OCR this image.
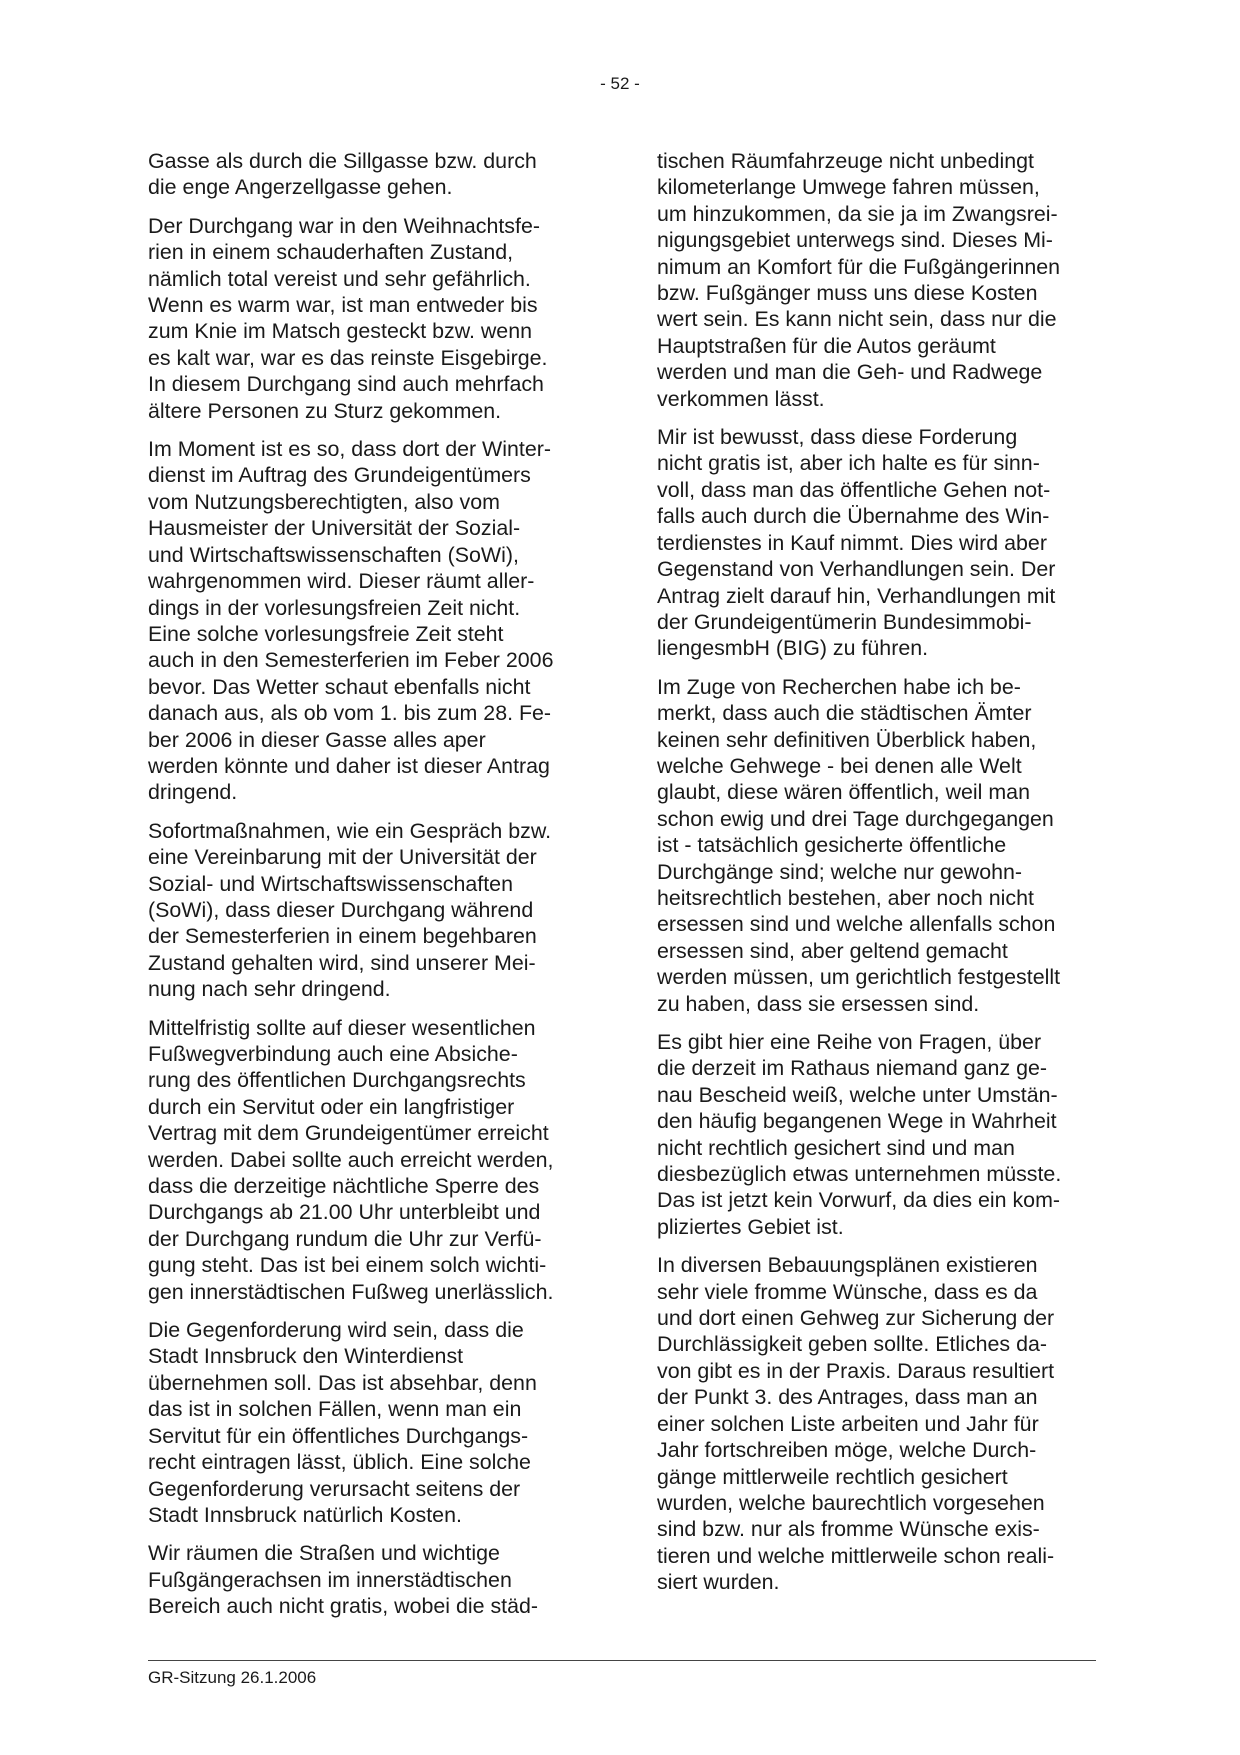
- 52 -

Gasse als durch die Sillgasse bzw. durch
die enge Angerzellgasse gehen.

Der Durchgang war in den Weihnachtsfe-
rien in einem schauderhaften Zustand,
nämlich total vereist und sehr gefährlich.
Wenn es warm war, ist man entweder bis
zum Knie im Matsch gesteckt bzw. wenn
es kalt war, war es das reinste Eisgebirge.
In diesem Durchgang sind auch mehrfach
ältere Personen zu Sturz gekommen.

Im Moment ist es so, dass dort der Winter-
dienst im Auftrag des Grundeigentümers
vom Nutzungsberechtigten, also vom
Hausmeister der Universität der Sozial-
und Wirtschaftswissenschaften (SoWi),
wahrgenommen wird. Dieser räumt aller-
dings in der vorlesungsfreien Zeit nicht.
Eine solche vorlesungsfreie Zeit steht
auch in den Semesterferien im Feber 2006
bevor. Das Wetter schaut ebenfalls nicht
danach aus, als ob vom 1. bis zum 28. Fe-
ber 2006 in dieser Gasse alles aper
werden könnte und daher ist dieser Antrag
dringend.

Sofortmaßnahmen, wie ein Gespräch bzw.
eine Vereinbarung mit der Universität der
Sozial- und Wirtschaftswissenschaften
(SoWi), dass dieser Durchgang während
der Semesterferien in einem begehbaren
Zustand gehalten wird, sind unserer Mei-
nung nach sehr dringend.

Mittelfristig sollte auf dieser wesentlichen
Fußwegverbindung auch eine Absiche-
rung des öffentlichen Durchgangsrechts
durch ein Servitut oder ein langfristiger
Vertrag mit dem Grundeigentümer erreicht
werden. Dabei sollte auch erreicht werden,
dass die derzeitige nächtliche Sperre des
Durchgangs ab 21.00 Uhr unterbleibt und
der Durchgang rundum die Uhr zur Verfü-
gung steht. Das ist bei einem solch wichti-
gen innerstädtischen Fußweg unerlässlich.

Die Gegenforderung wird sein, dass die
Stadt Innsbruck den Winterdienst
übernehmen soll. Das ist absehbar, denn
das ist in solchen Fällen, wenn man ein
Servitut für ein öffentliches Durchgangs-
recht eintragen lässt, üblich. Eine solche
Gegenforderung verursacht seitens der
Stadt Innsbruck natürlich Kosten.

Wir räumen die Straßen und wichtige
Fußgängerachsen im innerstädtischen
Bereich auch nicht gratis, wobei die städ-

tischen Räumfahrzeuge nicht unbedingt
kilometerlange Umwege fahren müssen,
um hinzukommen, da sie ja im Zwangsrei-
nigungsgebiet unterwegs sind. Dieses Mi-
nimum an Komfort für die Fußgängerinnen
bzw. Fußgänger muss uns diese Kosten
wert sein. Es kann nicht sein, dass nur die
Hauptstraßen für die Autos geräumt
werden und man die Geh- und Radwege
verkommen lässt.

Mir ist bewusst, dass diese Forderung
nicht gratis ist, aber ich halte es für sinn-
voll, dass man das öffentliche Gehen not-
falls auch durch die Übernahme des Win-
terdienstes in Kauf nimmt. Dies wird aber
Gegenstand von Verhandlungen sein. Der
Antrag zielt darauf hin, Verhandlungen mit
der Grundeigentümerin Bundesimmobi-
liengesmbH (BIG) zu führen.

Im Zuge von Recherchen habe ich be-
merkt, dass auch die städtischen Ämter
keinen sehr definitiven Überblick haben,
welche Gehwege - bei denen alle Welt
glaubt, diese wären öffentlich, weil man
schon ewig und drei Tage durchgegangen
ist - tatsächlich gesicherte öffentliche
Durchgänge sind; welche nur gewohn-
heitsrechtlich bestehen, aber noch nicht
ersessen sind und welche allenfalls schon
ersessen sind, aber geltend gemacht
werden müssen, um gerichtlich festgestellt
zu haben, dass sie ersessen sind.

Es gibt hier eine Reihe von Fragen, über
die derzeit im Rathaus niemand ganz ge-
nau Bescheid weiß, welche unter Umstän-
den häufig begangenen Wege in Wahrheit
nicht rechtlich gesichert sind und man
diesbezüglich etwas unternehmen müsste.
Das ist jetzt kein Vorwurf, da dies ein kom-
pliziertes Gebiet ist.

In diversen Bebauungsplänen existieren
sehr viele fromme Wünsche, dass es da
und dort einen Gehweg zur Sicherung der
Durchlässigkeit geben sollte. Etliches da-
von gibt es in der Praxis. Daraus resultiert
der Punkt 3. des Antrages, dass man an
einer solchen Liste arbeiten und Jahr für
Jahr fortschreiben möge, welche Durch-
gänge mittlerweile rechtlich gesichert
wurden, welche baurechtlich vorgesehen
sind bzw. nur als fromme Wünsche exis-
tieren und welche mittlerweile schon reali-
siert wurden.

GR-Sitzung 26.1.2006
